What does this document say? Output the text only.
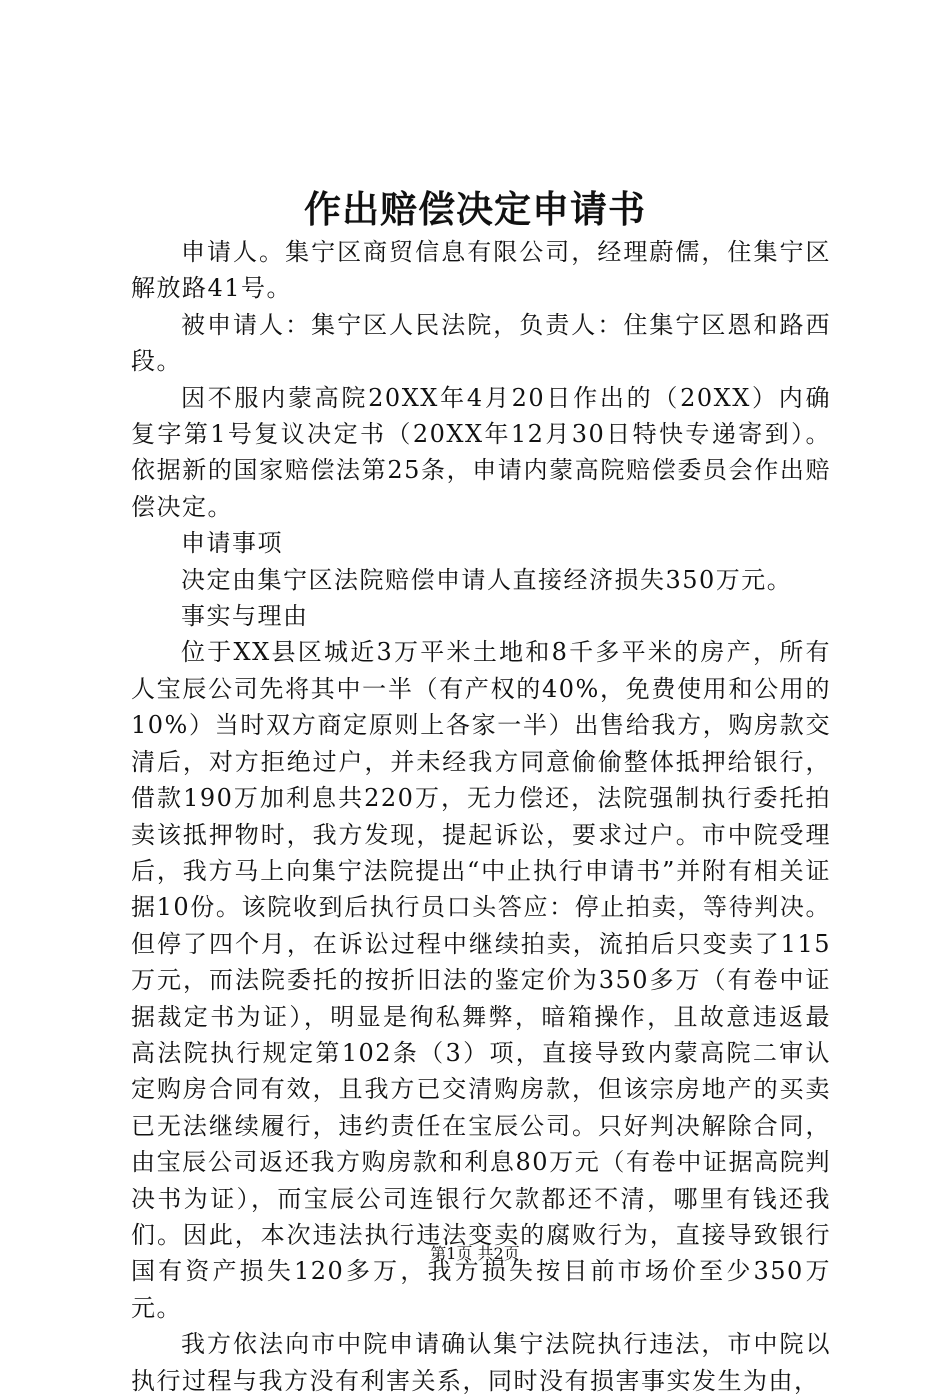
作出赔偿决定申请书

申请人。集宁区商贸信息有限公司，经理蔚儒，住集宁区解放路41号。

被申请人：集宁区人民法院，负责人：住集宁区恩和路西段。

因不服内蒙高院20XX年4月20日作出的（20XX）内确复字第1号复议决定书（20XX年12月30日特快专递寄到）。依据新的国家赔偿法第25条，申请内蒙高院赔偿委员会作出赔偿决定。

申请事项

决定由集宁区法院赔偿申请人直接经济损失350万元。

事实与理由

位于XX县区城近3万平米土地和8千多平米的房产，所有人宝辰公司先将其中一半（有产权的40%，免费使用和公用的10%）当时双方商定原则上各家一半）出售给我方，购房款交清后，对方拒绝过户，并未经我方同意偷偷整体抵押给银行，借款190万加利息共220万，无力偿还，法院强制执行委托拍卖该抵押物时，我方发现，提起诉讼，要求过户。市中院受理后，我方马上向集宁法院提出“中止执行申请书”并附有相关证据10份。该院收到后执行员口头答应：停止拍卖，等待判决。但停了四个月，在诉讼过程中继续拍卖，流拍后只变卖了115万元，而法院委托的按折旧法的鉴定价为350多万（有卷中证据裁定书为证），明显是徇私舞弊，暗箱操作，且故意违返最高法院执行规定第102条（3）项，直接导致内蒙高院二审认定购房合同有效，且我方已交清购房款，但该宗房地产的买卖已无法继续履行，违约责任在宝辰公司。只好判决解除合同，由宝辰公司返还我方购房款和利息80万元（有卷中证据高院判决书为证），而宝辰公司连银行欠款都还不清，哪里有钱还我们。因此，本次违法执行违法变卖的腐败行为，直接导致银行国有资产损失120多万，我方损失按目前市场价至少350万元。

我方依法向市中院申请确认集宁法院执行违法，市中院以执行过程与我方没有利害关系，同时没有损害事实发生为由，

第1页 共2页
